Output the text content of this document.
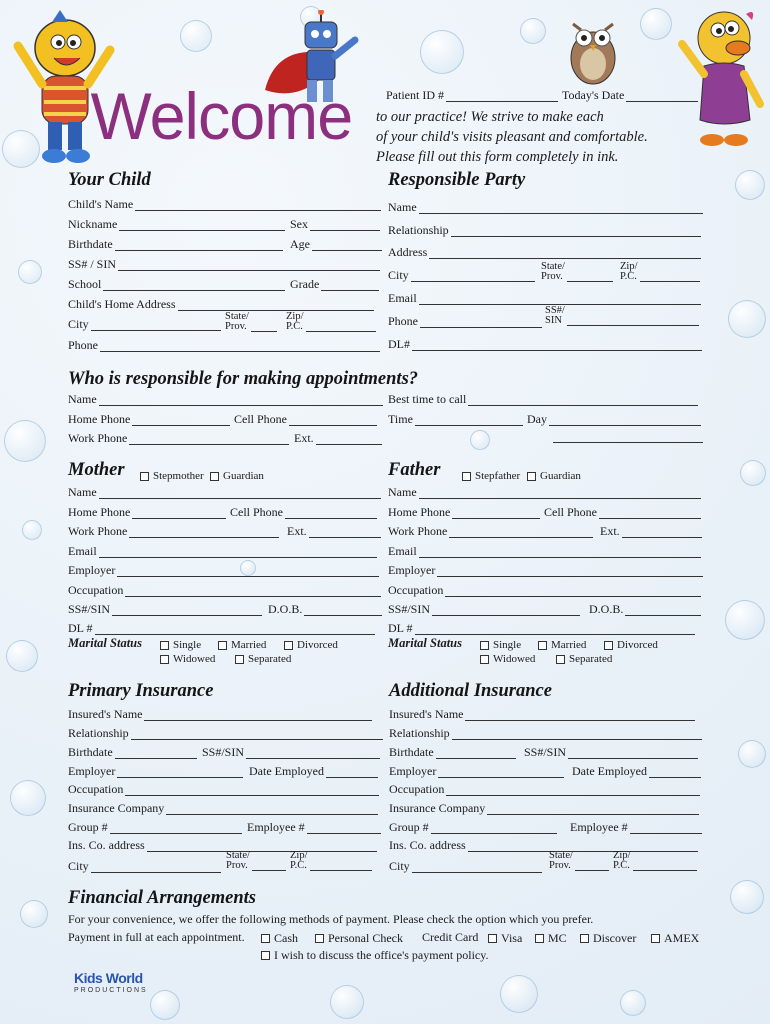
Welcome	Patient ID #	Today's Date
to our practice! We strive to make each
of your child's visits pleasant and comfortable.
Please fill out this form completely in ink.
Your Child
Child's Name
Nickname	Sex
Birthdate	Age
SS# / SIN
School	Grade
Child's Home Address
City
State/
Prov.
Zip/
P.C.
Phone
Responsible Party
Name
Relationship
Address
City
State/
Prov.
Zip/
P.C.
Email
Phone
SS#/
SIN
DL#
Who is responsible for making appointments?
Name
Home Phone	Cell Phone
Work Phone	Ext.
Best time to call
Time	Day
Mother	Stepmother Guardian
Name
Home Phone	Cell Phone
Work Phone	Ext.
Email
Employer
Occupation
SS#/SIN	D.O.B.
DL #
Marital Status	Single	Married	Divorced
Widowed	Separated
Father	Stepfather Guardian
Name
Home Phone	Cell Phone
Work Phone	Ext.
Email
Employer
Occupation
SS#/SIN	D.O.B.
DL #
Marital Status	Single	Married	Divorced
Widowed	Separated
Primary Insurance
Insured's Name
Relationship
Birthdate	SS#/SIN
Employer	Date Employed
Occupation
Insurance Company
Group #	Employee #
Ins. Co. address
City
State/
Prov.
Zip/
P.C.
Additional Insurance
Insured's Name
Relationship
Birthdate	SS#/SIN
Employer	Date Employed
Occupation
Insurance Company
Group #	Employee #
Ins. Co. address
City
State/
Prov.
Zip/
P.C.
Financial Arrangements
For your convenience, we offer the following methods of payment. Please check the option which you prefer.
Payment in full at each appointment. Cash	Personal Check Credit Card Visa MC Discover AMEX
I wish to discuss the office's payment policy.
Kids World
PRODUCTIONS
